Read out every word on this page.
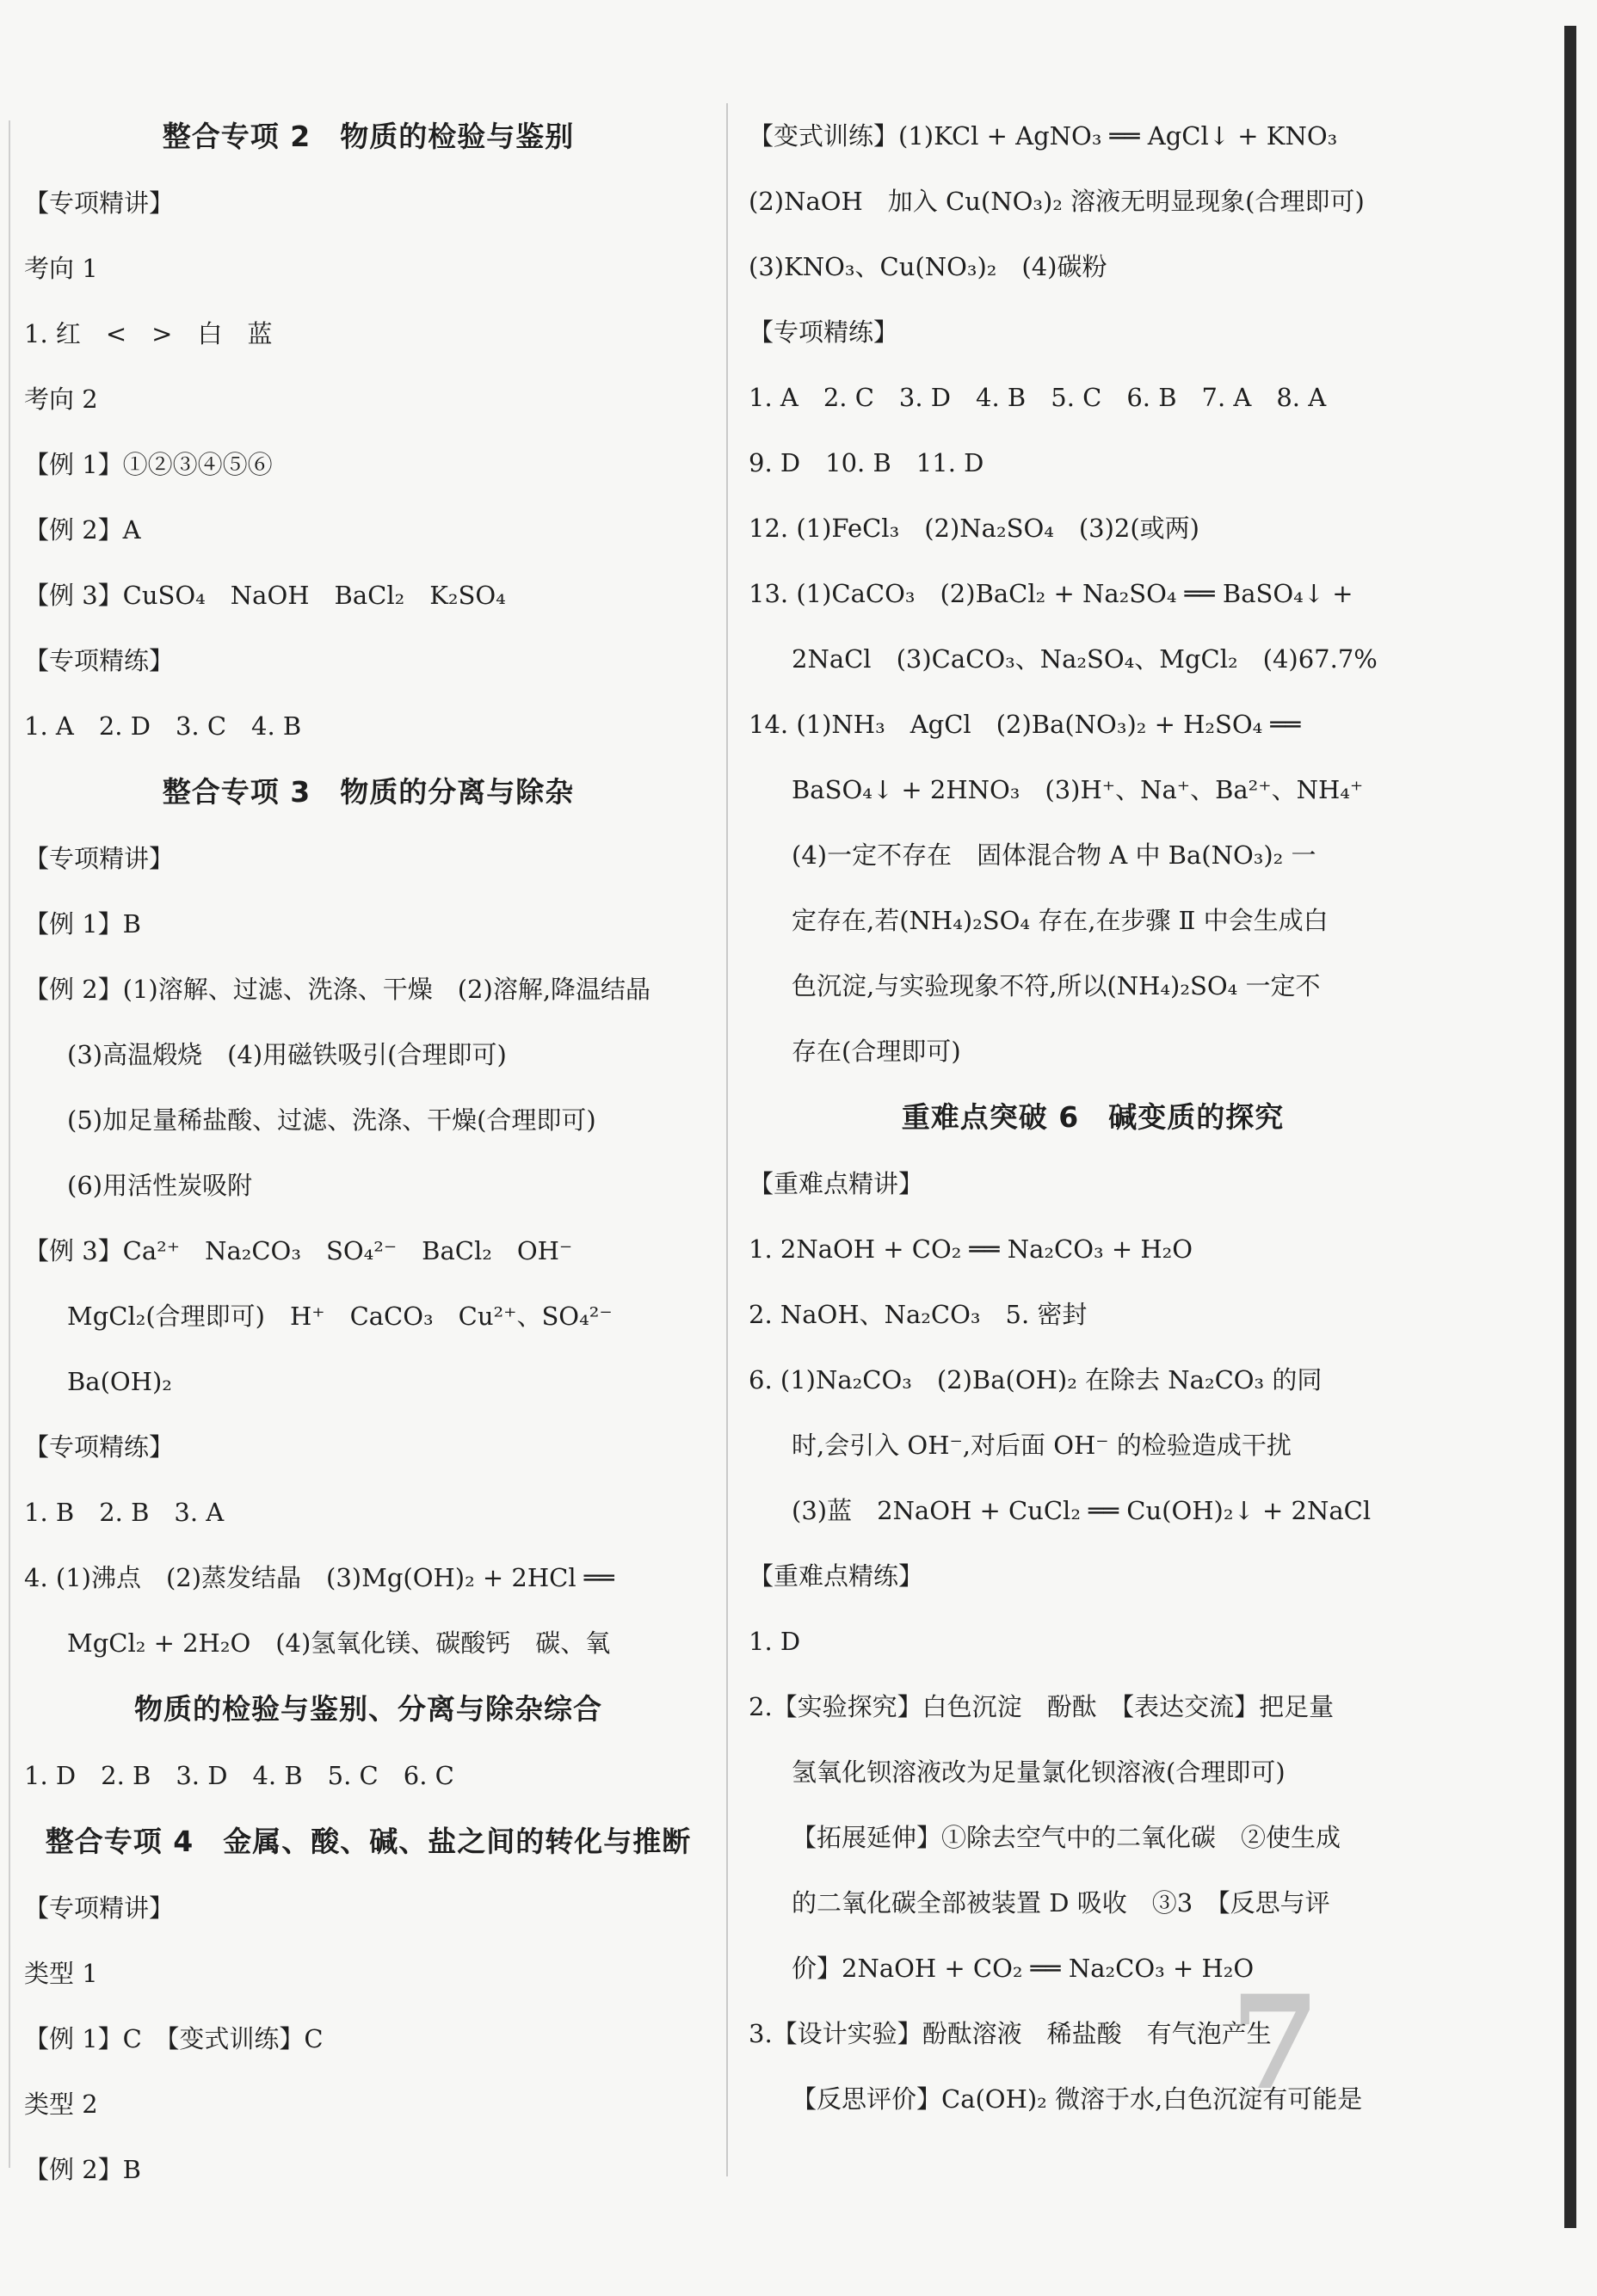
整合专项 2　物质的检验与鉴别
【专项精讲】
考向 1
1. 红　<　>　白　蓝
考向 2
【例 1】①②③④⑤⑥
【例 2】A
【例 3】CuSO₄　NaOH　BaCl₂　K₂SO₄
【专项精练】
1. A　2. D　3. C　4. B
整合专项 3　物质的分离与除杂
【专项精讲】
【例 1】B
【例 2】(1)溶解、过滤、洗涤、干燥　(2)溶解,降温结晶
(3)高温煅烧　(4)用磁铁吸引(合理即可)
(5)加足量稀盐酸、过滤、洗涤、干燥(合理即可)
(6)用活性炭吸附
【例 3】Ca²⁺　Na₂CO₃　SO₄²⁻　BaCl₂　OH⁻
MgCl₂(合理即可)　H⁺　CaCO₃　Cu²⁺、SO₄²⁻
Ba(OH)₂
【专项精练】
1. B　2. B　3. A
4. (1)沸点　(2)蒸发结晶　(3)Mg(OH)₂ + 2HCl ══
MgCl₂ + 2H₂O　(4)氢氧化镁、碳酸钙　碳、氧
物质的检验与鉴别、分离与除杂综合
1. D　2. B　3. D　4. B　5. C　6. C
整合专项 4　金属、酸、碱、盐之间的转化与推断
【专项精讲】
类型 1
【例 1】C　【变式训练】C
类型 2
【例 2】B
【变式训练】(1)KCl + AgNO₃ ══ AgCl↓ + KNO₃
(2)NaOH　加入 Cu(NO₃)₂ 溶液无明显现象(合理即可)
(3)KNO₃、Cu(NO₃)₂　(4)碳粉
【专项精练】
1. A　2. C　3. D　4. B　5. C　6. B　7. A　8. A
9. D　10. B　11. D
12. (1)FeCl₃　(2)Na₂SO₄　(3)2(或两)
13. (1)CaCO₃　(2)BaCl₂ + Na₂SO₄ ══ BaSO₄↓ +
2NaCl　(3)CaCO₃、Na₂SO₄、MgCl₂　(4)67.7%
14. (1)NH₃　AgCl　(2)Ba(NO₃)₂ + H₂SO₄ ══
BaSO₄↓ + 2HNO₃　(3)H⁺、Na⁺、Ba²⁺、NH₄⁺
(4)一定不存在　固体混合物 A 中 Ba(NO₃)₂ 一
定存在,若(NH₄)₂SO₄ 存在,在步骤 Ⅱ 中会生成白
色沉淀,与实验现象不符,所以(NH₄)₂SO₄ 一定不
存在(合理即可)
重难点突破 6　碱变质的探究
【重难点精讲】
1. 2NaOH + CO₂ ══ Na₂CO₃ + H₂O
2. NaOH、Na₂CO₃　5. 密封
6. (1)Na₂CO₃　(2)Ba(OH)₂ 在除去 Na₂CO₃ 的同
时,会引入 OH⁻,对后面 OH⁻ 的检验造成干扰
(3)蓝　2NaOH + CuCl₂ ══ Cu(OH)₂↓ + 2NaCl
【重难点精练】
1. D
2.【实验探究】白色沉淀　酚酞　【表达交流】把足量
氢氧化钡溶液改为足量氯化钡溶液(合理即可)
【拓展延伸】①除去空气中的二氧化碳　②使生成
的二氧化碳全部被装置 D 吸收　③3　【反思与评
价】2NaOH + CO₂ ══ Na₂CO₃ + H₂O
3.【设计实验】酚酞溶液　稀盐酸　有气泡产生
【反思评价】Ca(OH)₂ 微溶于水,白色沉淀有可能是
7
